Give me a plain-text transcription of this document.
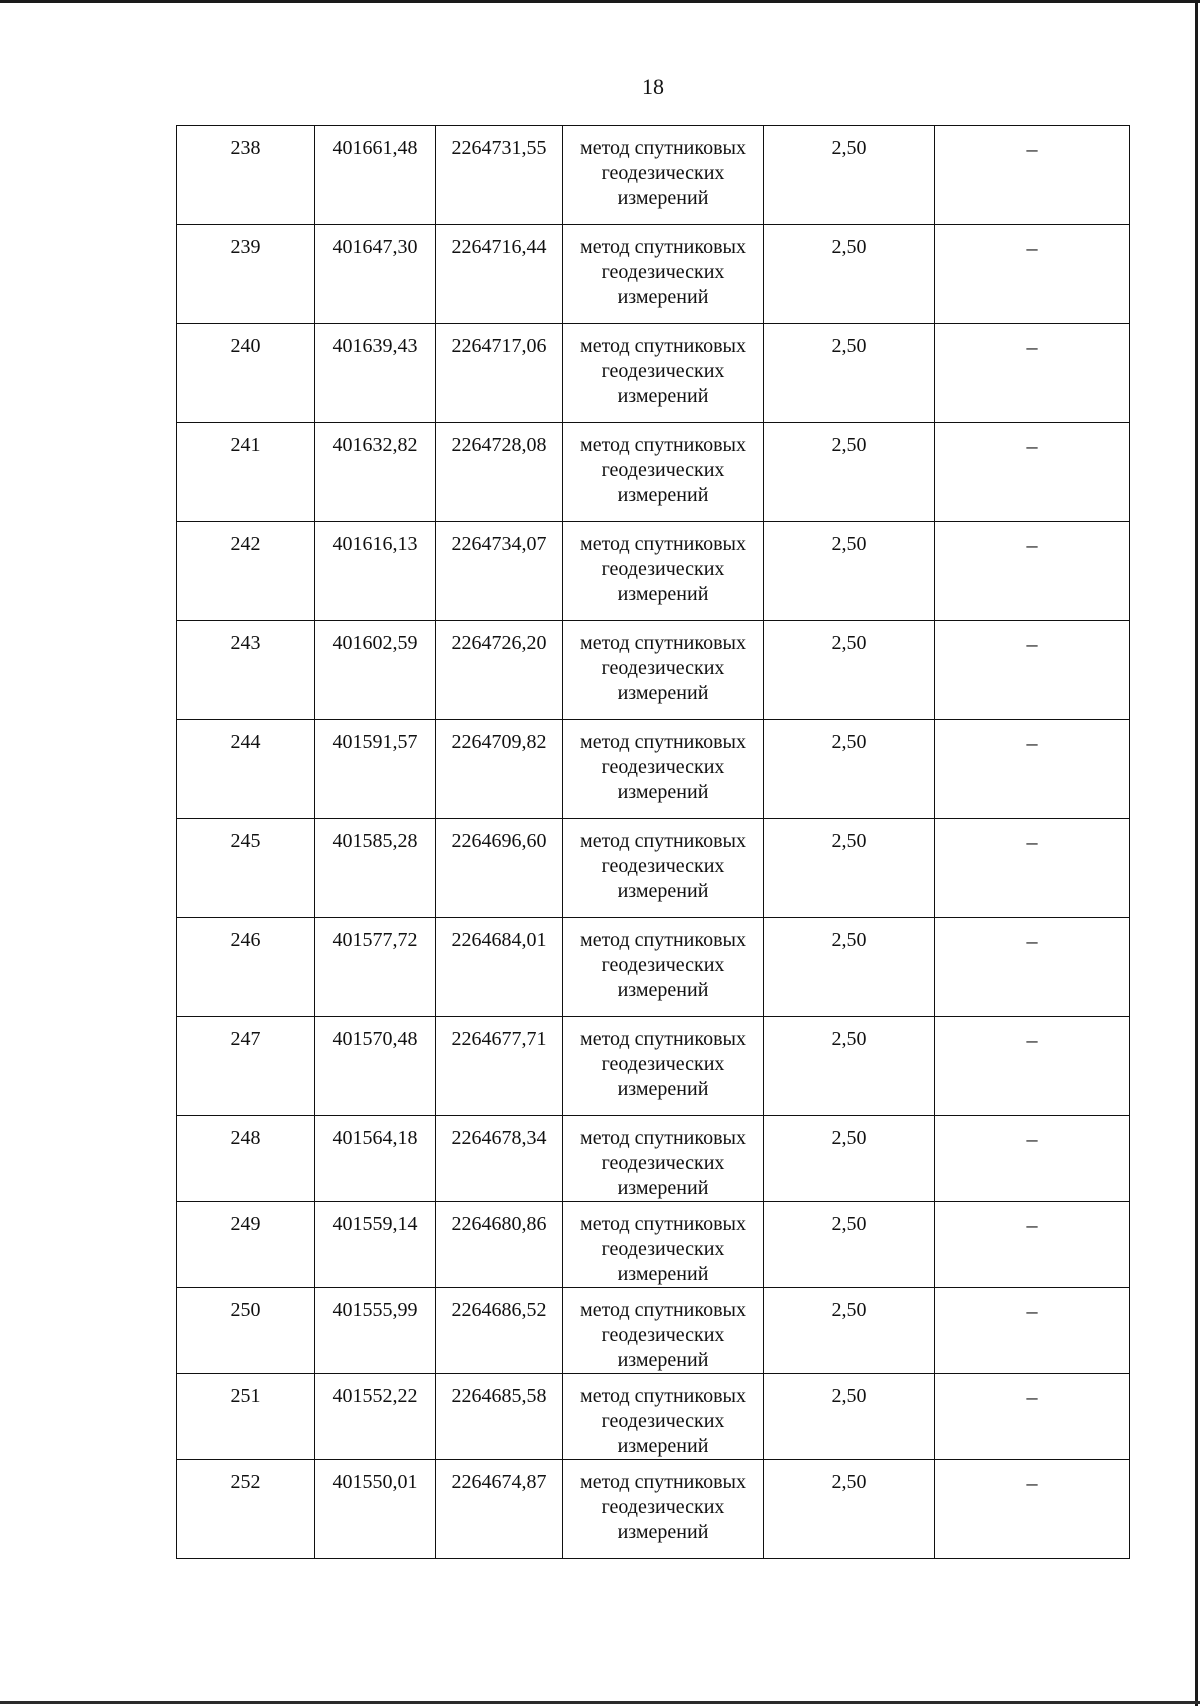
18
238	401661,48	2264731,55	метод спутниковых геодезических измерений	2,50	–
239	401647,30	2264716,44	метод спутниковых геодезических измерений	2,50	–
240	401639,43	2264717,06	метод спутниковых геодезических измерений	2,50	–
241	401632,82	2264728,08	метод спутниковых геодезических измерений	2,50	–
242	401616,13	2264734,07	метод спутниковых геодезических измерений	2,50	–
243	401602,59	2264726,20	метод спутниковых геодезических измерений	2,50	–
244	401591,57	2264709,82	метод спутниковых геодезических измерений	2,50	–
245	401585,28	2264696,60	метод спутниковых геодезических измерений	2,50	–
246	401577,72	2264684,01	метод спутниковых геодезических измерений	2,50	–
247	401570,48	2264677,71	метод спутниковых геодезических измерений	2,50	–
248	401564,18	2264678,34	метод спутниковых геодезических измерений	2,50	–
249	401559,14	2264680,86	метод спутниковых геодезических измерений	2,50	–
250	401555,99	2264686,52	метод спутниковых геодезических измерений	2,50	–
251	401552,22	2264685,58	метод спутниковых геодезических измерений	2,50	–
252	401550,01	2264674,87	метод спутниковых геодезических измерений	2,50	–
